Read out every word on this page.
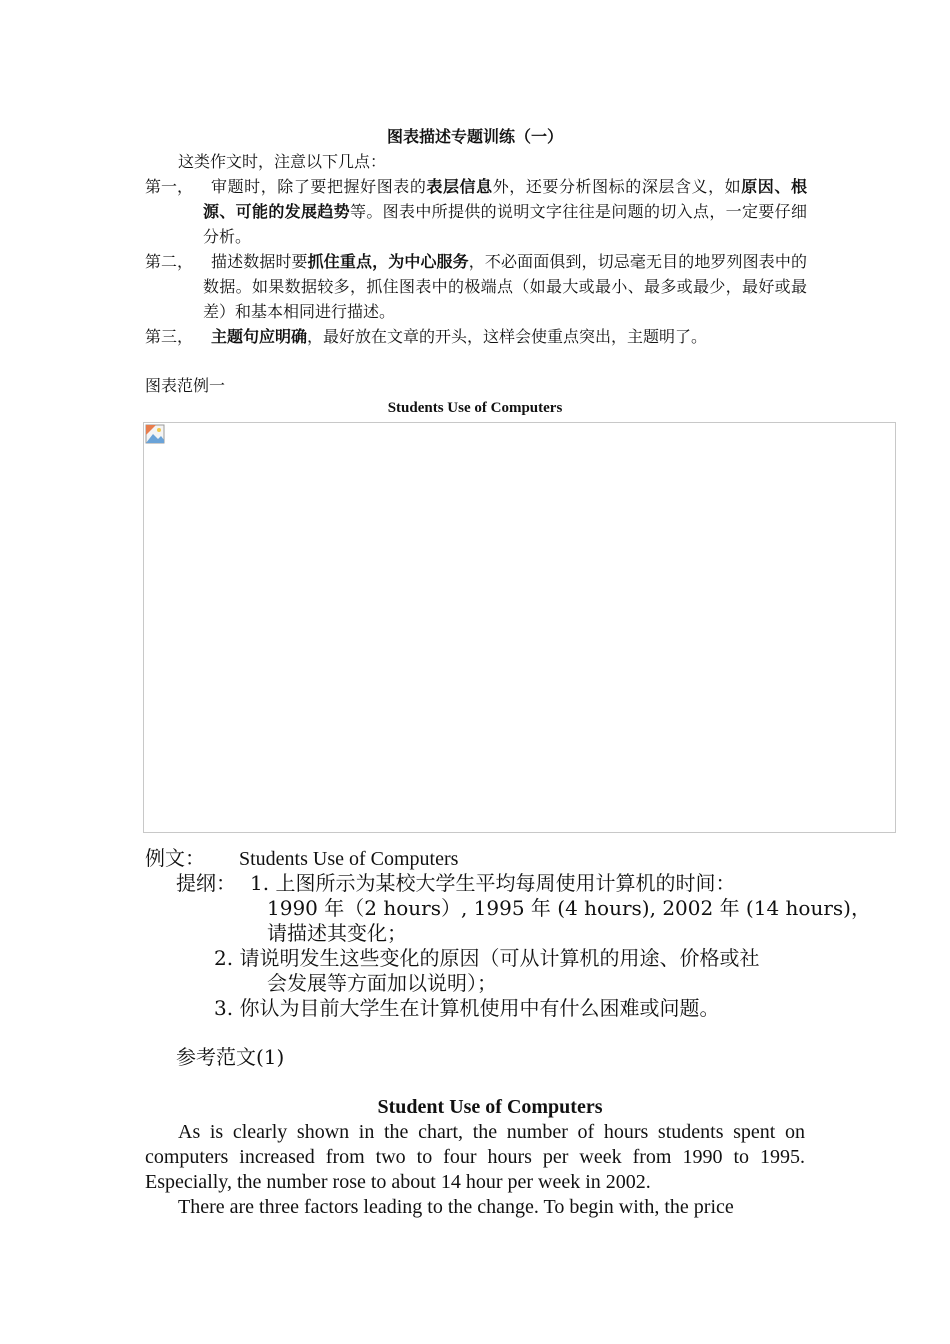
图表描述专题训练（一）
这类作文时，注意以下几点：
第一，	审题时，除了要把握好图表的表层信息外，还要分析图标的深层含义，如原因、根源、可能的发展趋势等。图表中所提供的说明文字往往是问题的切入点，一定要仔细分析。
第二，	描述数据时要抓住重点，为中心服务，不必面面俱到，切忌毫无目的地罗列图表中的数据。如果数据较多，抓住图表中的极端点（如最大或最小、最多或最少，最好或最差）和基本相同进行描述。
第三，	主题句应明确，最好放在文章的开头，这样会使重点突出，主题明了。
图表范例一
Students Use of Computers
例文： Students Use of Computers
提纲： 1. 上图所示为某校大学生平均每周使用计算机的时间：
1990 年（2 hours）, 1995 年 (4 hours), 2002 年 (14 hours)，
请描述其变化；
2. 请说明发生这些变化的原因（可从计算机的用途、价格或社
会发展等方面加以说明）；
3. 你认为目前大学生在计算机使用中有什么困难或问题。
参考范文(1)
Student Use of Computers

As is clearly shown in the chart, the number of hours students spent on computers increased from two to four hours per week from 1990 to 1995. Especially, the number rose to about 14 hour per week in 2002.

There are three factors leading to the change. To begin with, the price
